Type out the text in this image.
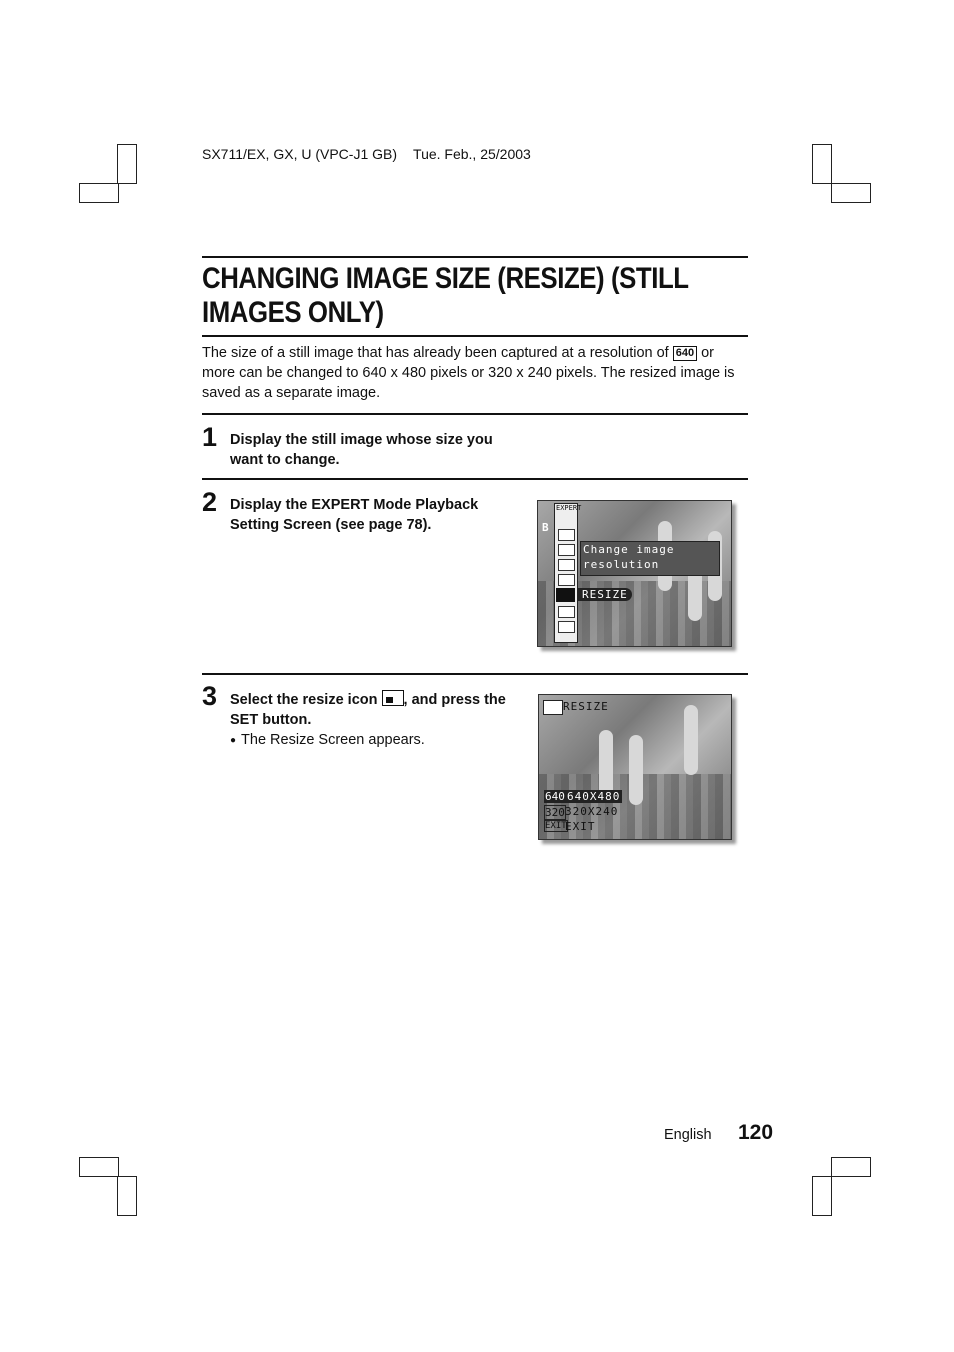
SX711/EX, GX, U (VPC-J1 GB) Tue. Feb., 25/2003
CHANGING IMAGE SIZE (RESIZE) (STILL IMAGES ONLY)
The size of a still image that has already been captured at a resolution of 640 or more can be changed to 640 x 480 pixels or 320 x 240 pixels. The resized image is saved as a separate image.
1 Display the still image whose size you want to change.
2 Display the EXPERT Mode Playback Setting Screen (see page 78).	B
EXPERT
Change image
resolution
RESIZE
3 Select the resize icon
, and press the SET button.
● The Resize Screen appears.
RESIZE
640 640X480
320 320X240
EXIT
EXIT
English 120
